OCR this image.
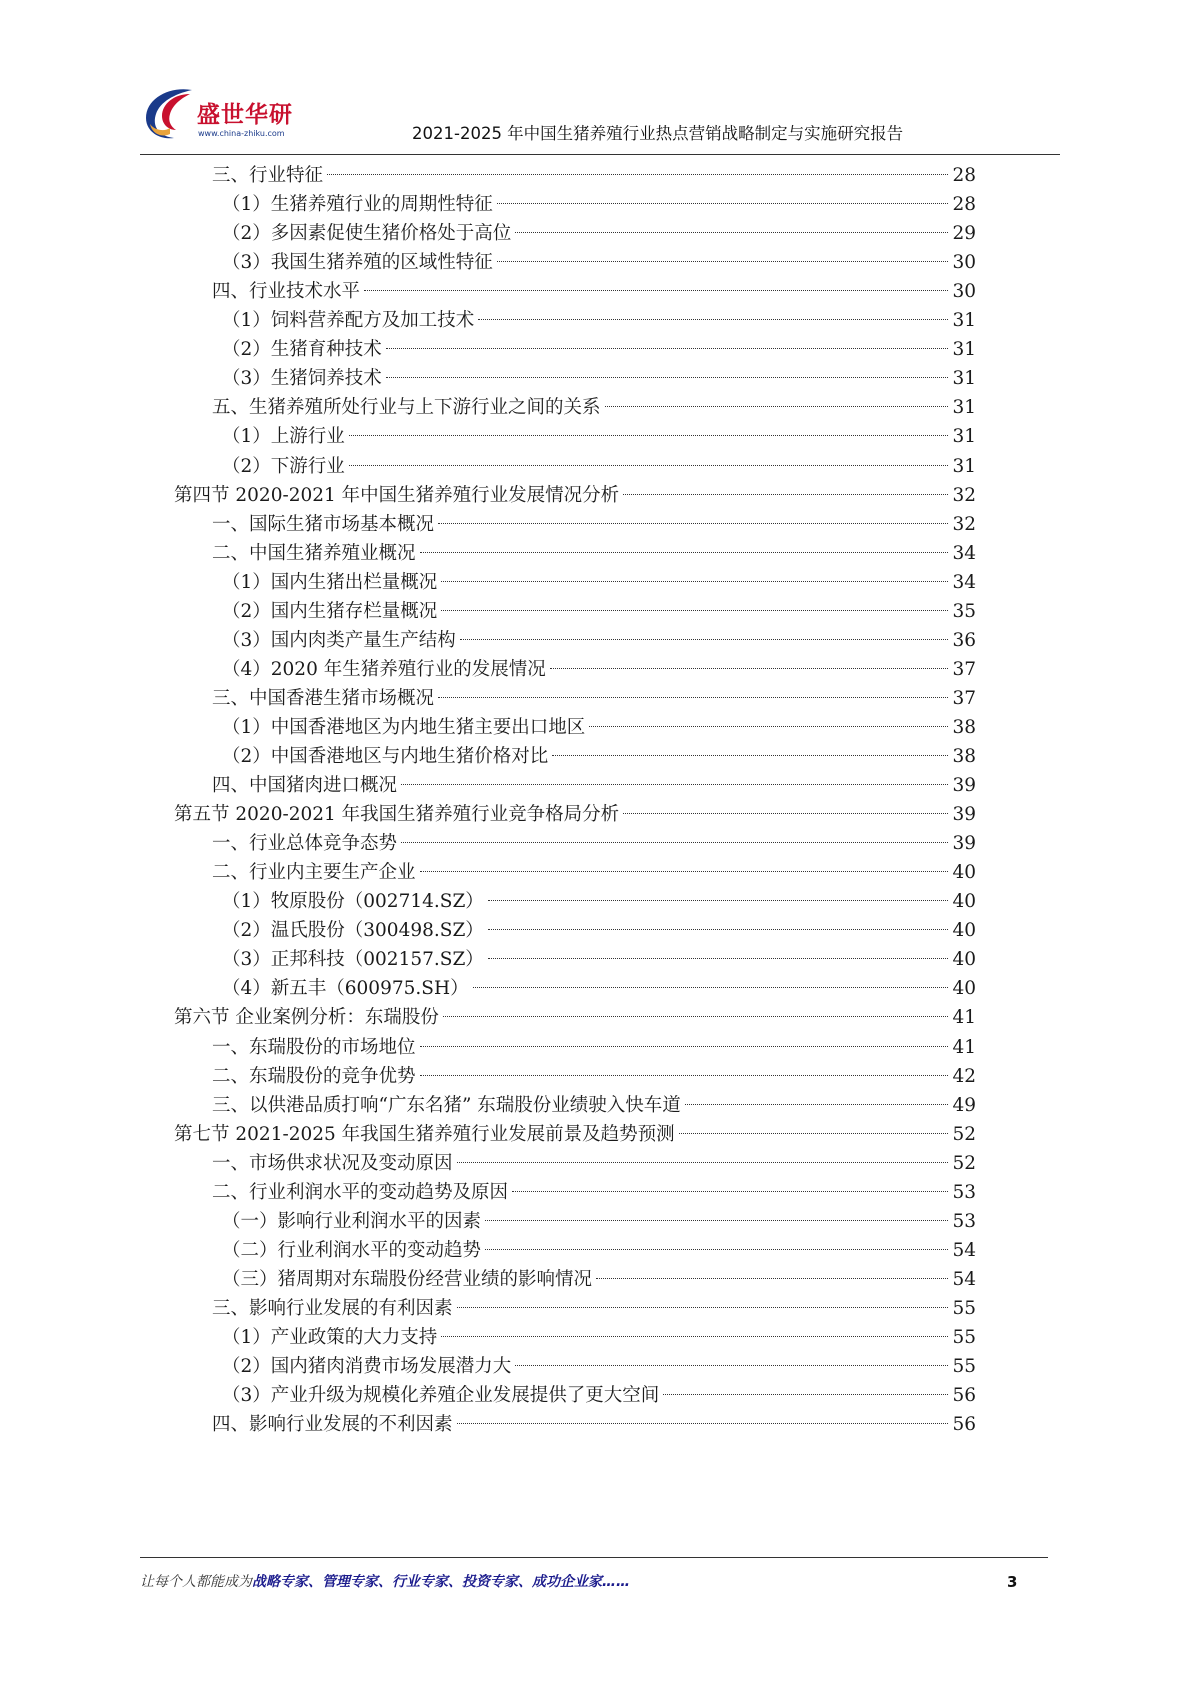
盛世华研
www.china-zhiku.com	2021-2025 年中国生猪养殖行业热点营销战略制定与实施研究报告
三、行业特征	28
（1）生猪养殖行业的周期性特征	28
（2）多因素促使生猪价格处于高位	29
（3）我国生猪养殖的区域性特征	30
四、行业技术水平	30
（1）饲料营养配方及加工技术	31
（2）生猪育种技术	31
（3）生猪饲养技术	31
五、生猪养殖所处行业与上下游行业之间的关系	31
（1）上游行业	31
（2）下游行业	31
第四节 2020-2021 年中国生猪养殖行业发展情况分析	32
一、国际生猪市场基本概况	32
二、中国生猪养殖业概况	34
（1）国内生猪出栏量概况	34
（2）国内生猪存栏量概况	35
（3）国内肉类产量生产结构	36
（4）2020 年生猪养殖行业的发展情况	37
三、中国香港生猪市场概况	37
（1）中国香港地区为内地生猪主要出口地区	38
（2）中国香港地区与内地生猪价格对比	38
四、中国猪肉进口概况	39
第五节 2020-2021 年我国生猪养殖行业竞争格局分析	39
一、行业总体竞争态势	39
二、行业内主要生产企业	40
（1）牧原股份（002714.SZ）	40
（2）温氏股份（300498.SZ）	40
（3）正邦科技（002157.SZ）	40
（4）新五丰（600975.SH）	40
第六节 企业案例分析：东瑞股份	41
一、东瑞股份的市场地位	41
二、东瑞股份的竞争优势	42
三、以供港品质打响“广东名猪” 东瑞股份业绩驶入快车道	49
第七节 2021-2025 年我国生猪养殖行业发展前景及趋势预测	52
一、市场供求状况及变动原因	52
二、行业利润水平的变动趋势及原因	53
（一）影响行业利润水平的因素	53
（二）行业利润水平的变动趋势	54
（三）猪周期对东瑞股份经营业绩的影响情况	54
三、影响行业发展的有利因素	55
（1）产业政策的大力支持	55
（2）国内猪肉消费市场发展潜力大	55
（3）产业升级为规模化养殖企业发展提供了更大空间	56
四、影响行业发展的不利因素	56
让每个人都能成为战略专家、管理专家、行业专家、投资专家、成功企业家……	3
